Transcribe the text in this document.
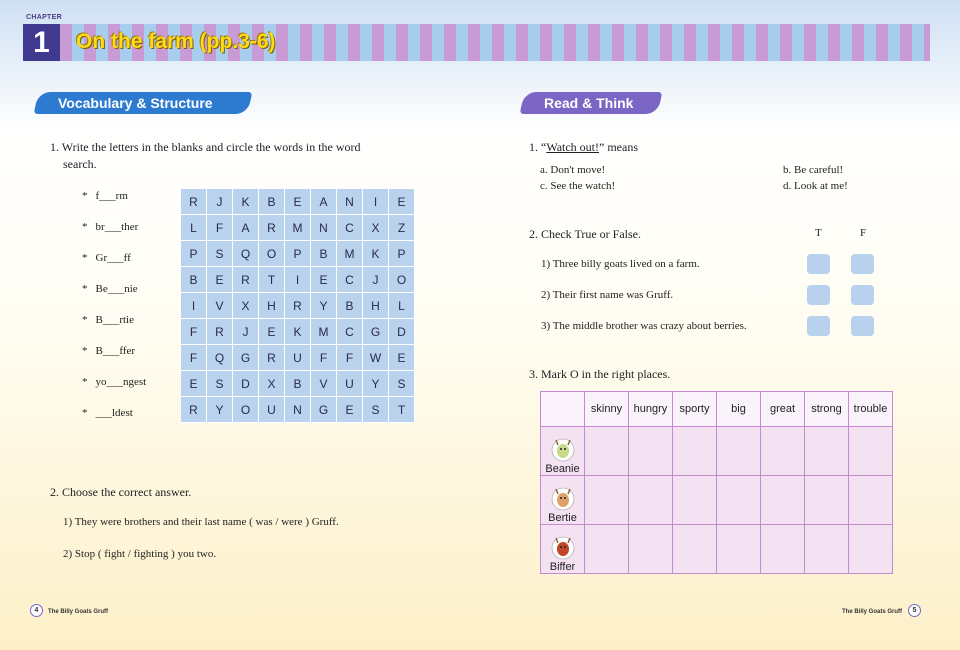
CHAPTER
1	On the farm (pp.3-6)
Vocabulary & Structure
1. Write the letters in the blanks and circle the words in the word
search.
* f___rm
* br___ther
* Gr___ff
* Be___nie
* B___rtie
* B___ffer
* yo___ngest
* ___ldest
R	J	K	B	E	A	N	I	E
L	F	A	R	M	N	C	X	Z
P	S	Q	O	P	B	M	K	P
B	E	R	T	I	E	C	J	O
I	V	X	H	R	Y	B	H	L
F	R	J	E	K	M	C	G	D
F	Q	G	R	U	F	F	W	E
E	S	D	X	B	V	U	Y	S
R	Y	O	U	N	G	E	S	T
2. Choose the correct answer.
1) They were brothers and their last name ( was / were ) Gruff.
2) Stop ( fight / fighting ) you two.
Read & Think
1. “Watch out!” means
a. Don't move!	b. Be careful!
c. See the watch!	d. Look at me!
2. Check True or False.	T	F
1) Three billy goats lived on a farm.
2) Their first name was Gruff.
3) The middle brother was crazy about berries.
3. Mark O in the right places.
	skinny	hungry	sporty	big	great	strong	trouble

Beanie							

Bertie							

Biffer							

4	The Billy Goats Gruff	The Billy Goats Gruff	5
